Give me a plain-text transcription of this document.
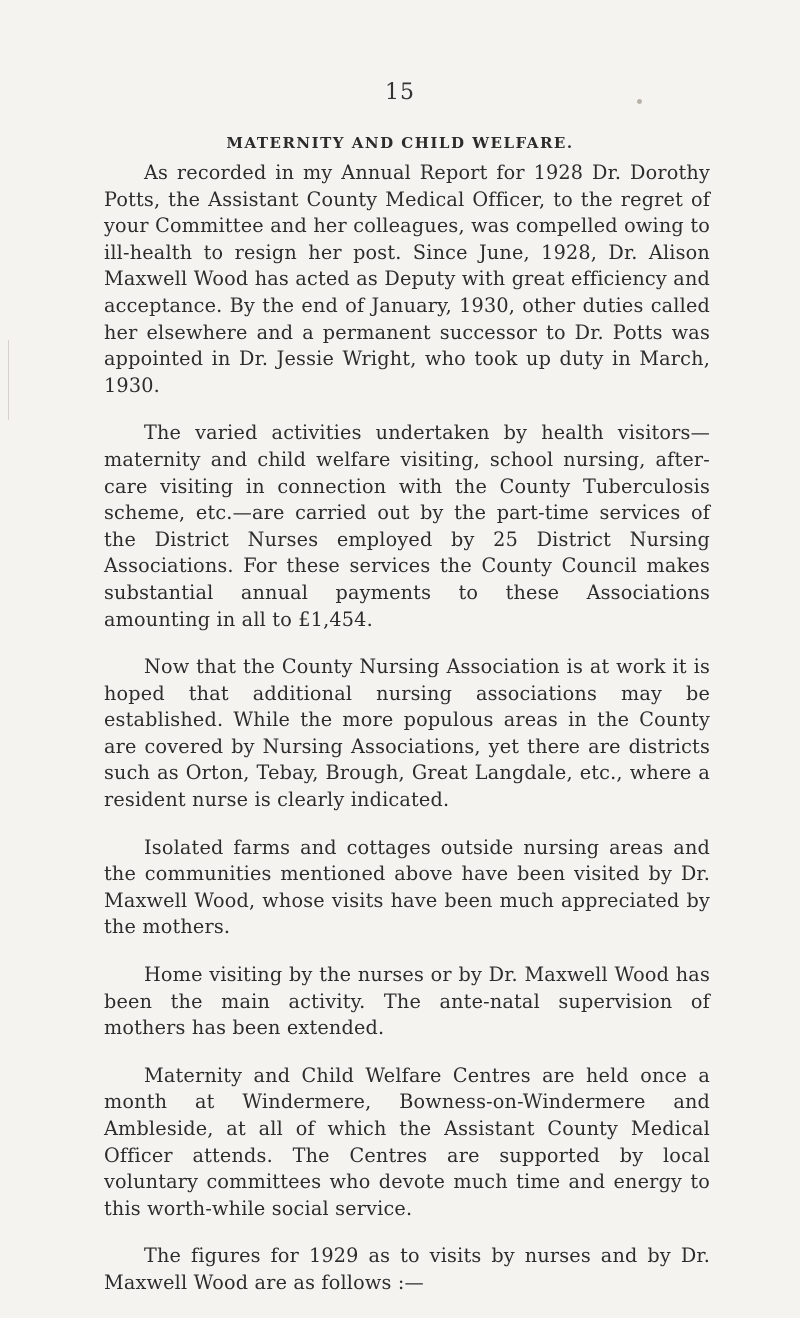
15
MATERNITY AND CHILD WELFARE.

As recorded in my Annual Report for 1928 Dr. Dorothy Potts, the Assistant County Medical Officer, to the regret of your Committee and her colleagues, was compelled owing to ill-health to resign her post. Since June, 1928, Dr. Alison Maxwell Wood has acted as Deputy with great efficiency and acceptance. By the end of January, 1930, other duties called her elsewhere and a permanent successor to Dr. Potts was appointed in Dr. Jessie Wright, who took up duty in March, 1930.

The varied activities undertaken by health visitors—maternity and child welfare visiting, school nursing, after-care visiting in connection with the County Tuberculosis scheme, etc.—are carried out by the part-time services of the District Nurses employed by 25 District Nursing Associations. For these services the County Council makes substantial annual payments to these Associations amounting in all to £1,454.

Now that the County Nursing Association is at work it is hoped that additional nursing associations may be established. While the more populous areas in the County are covered by Nursing Associations, yet there are districts such as Orton, Tebay, Brough, Great Langdale, etc., where a resident nurse is clearly indicated.

Isolated farms and cottages outside nursing areas and the communities mentioned above have been visited by Dr. Maxwell Wood, whose visits have been much appreciated by the mothers.

Home visiting by the nurses or by Dr. Maxwell Wood has been the main activity. The ante-natal supervision of mothers has been extended.

Maternity and Child Welfare Centres are held once a month at Windermere, Bowness-on-Windermere and Ambleside, at all of which the Assistant County Medical Officer attends. The Centres are supported by local voluntary committees who devote much time and energy to this worth-while social service.

The figures for 1929 as to visits by nurses and by Dr. Maxwell Wood are as follows :—
